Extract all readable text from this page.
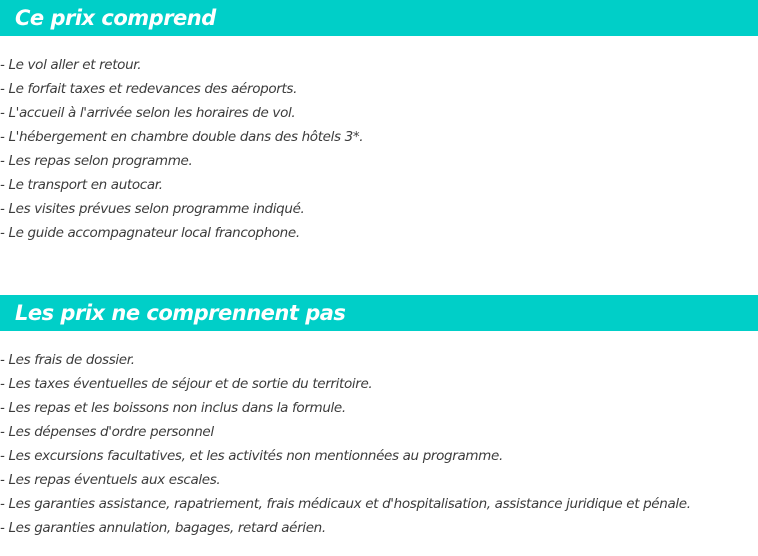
Ce prix comprend
- Le vol aller et retour.
- Le forfait taxes et redevances des aéroports.
- L'accueil à l'arrivée selon les horaires de vol.
- L'hébergement en chambre double dans des hôtels 3*.
- Les repas selon programme.
- Le transport en autocar.
- Les visites prévues selon programme indiqué.
- Le guide accompagnateur local francophone.
Les prix ne comprennent pas
- Les frais de dossier.
- Les taxes éventuelles de séjour et de sortie du territoire.
- Les repas et les boissons non inclus dans la formule.
- Les dépenses d'ordre personnel
- Les excursions facultatives, et les activités non mentionnées au programme.
- Les repas éventuels aux escales.
- Les garanties assistance, rapatriement, frais médicaux et d'hospitalisation, assistance juridique et pénale.
- Les garanties annulation, bagages, retard aérien.
